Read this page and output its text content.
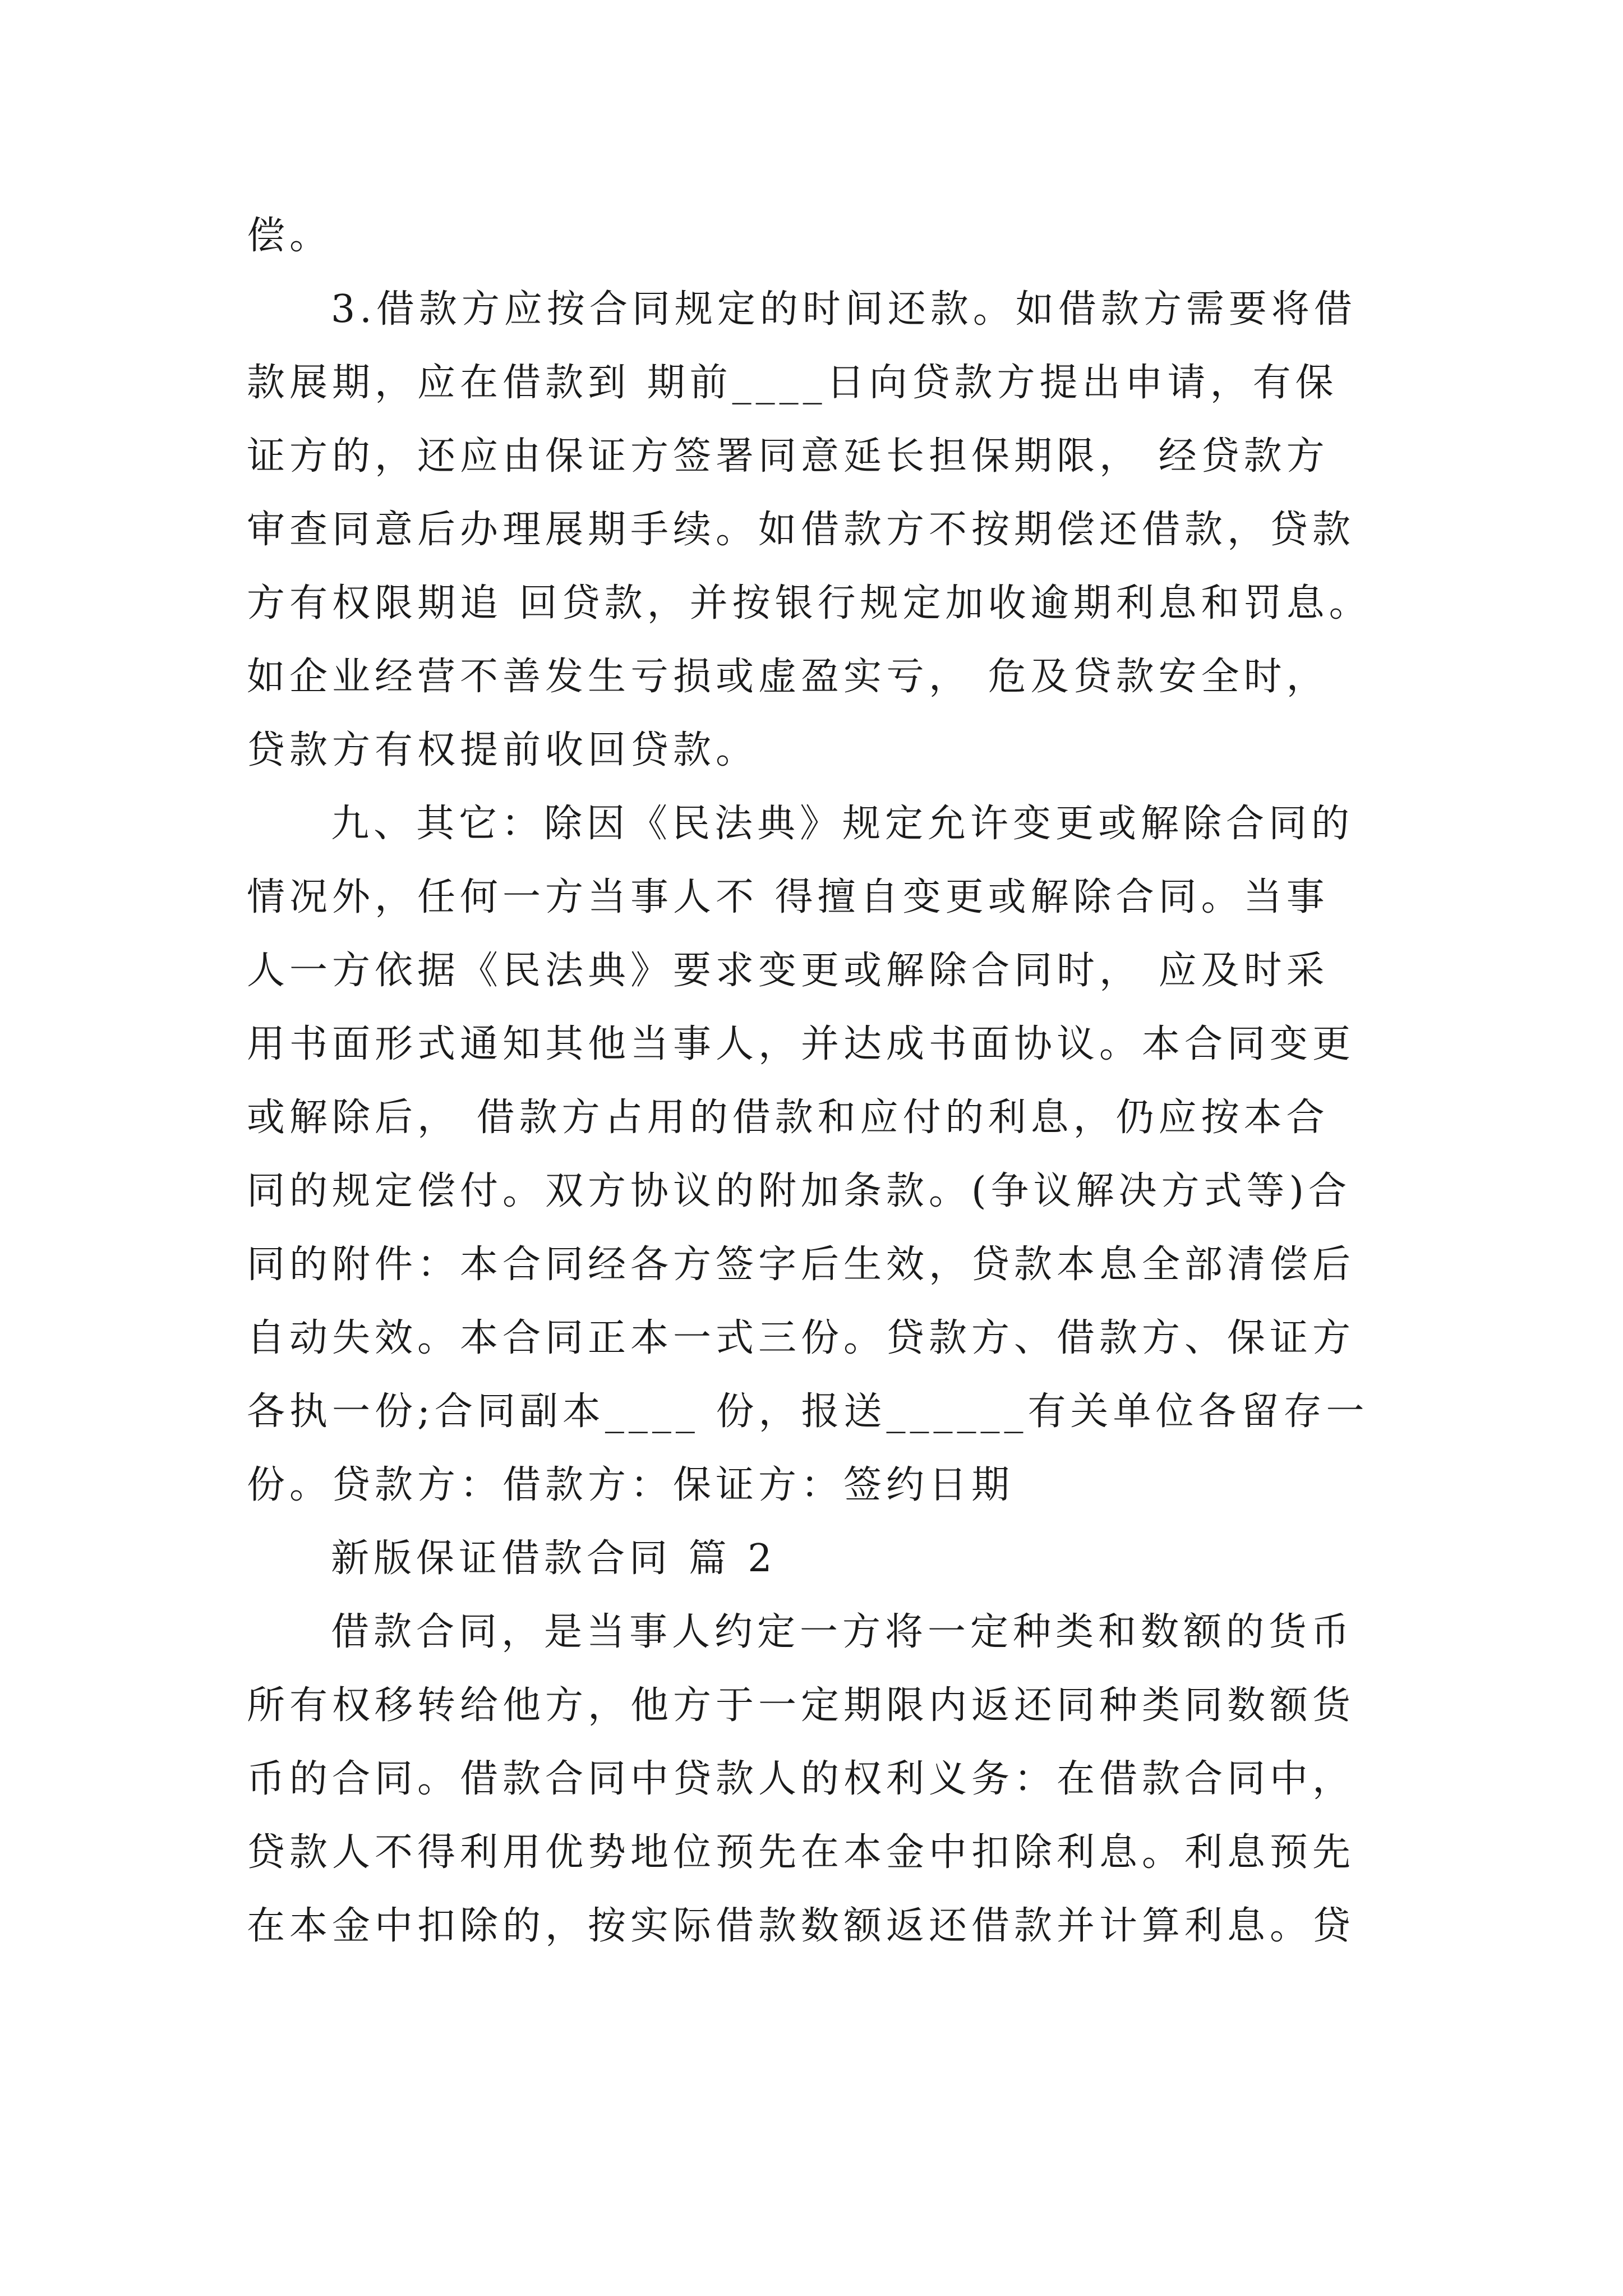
偿。
3.借款方应按合同规定的时间还款。如借款方需要将借
款展期，应在借款到 期前____日向贷款方提出申请，有保
证方的，还应由保证方签署同意延长担保期限， 经贷款方
审查同意后办理展期手续。如借款方不按期偿还借款，贷款
方有权限期追 回贷款，并按银行规定加收逾期利息和罚息。
如企业经营不善发生亏损或虚盈实亏， 危及贷款安全时，
贷款方有权提前收回贷款。
九、其它：除因《民法典》规定允许变更或解除合同的
情况外，任何一方当事人不 得擅自变更或解除合同。当事
人一方依据《民法典》要求变更或解除合同时， 应及时采
用书面形式通知其他当事人，并达成书面协议。本合同变更
或解除后， 借款方占用的借款和应付的利息，仍应按本合
同的规定偿付。双方协议的附加条款。(争议解决方式等)合
同的附件：本合同经各方签字后生效，贷款本息全部清偿后
自动失效。本合同正本一式三份。贷款方、借款方、保证方
各执一份;合同副本____ 份，报送______有关单位各留存一
份。贷款方：借款方：保证方：签约日期
新版保证借款合同 篇 2
借款合同，是当事人约定一方将一定种类和数额的货币
所有权移转给他方，他方于一定期限内返还同种类同数额货
币的合同。借款合同中贷款人的权利义务：在借款合同中，
贷款人不得利用优势地位预先在本金中扣除利息。利息预先
在本金中扣除的，按实际借款数额返还借款并计算利息。贷
